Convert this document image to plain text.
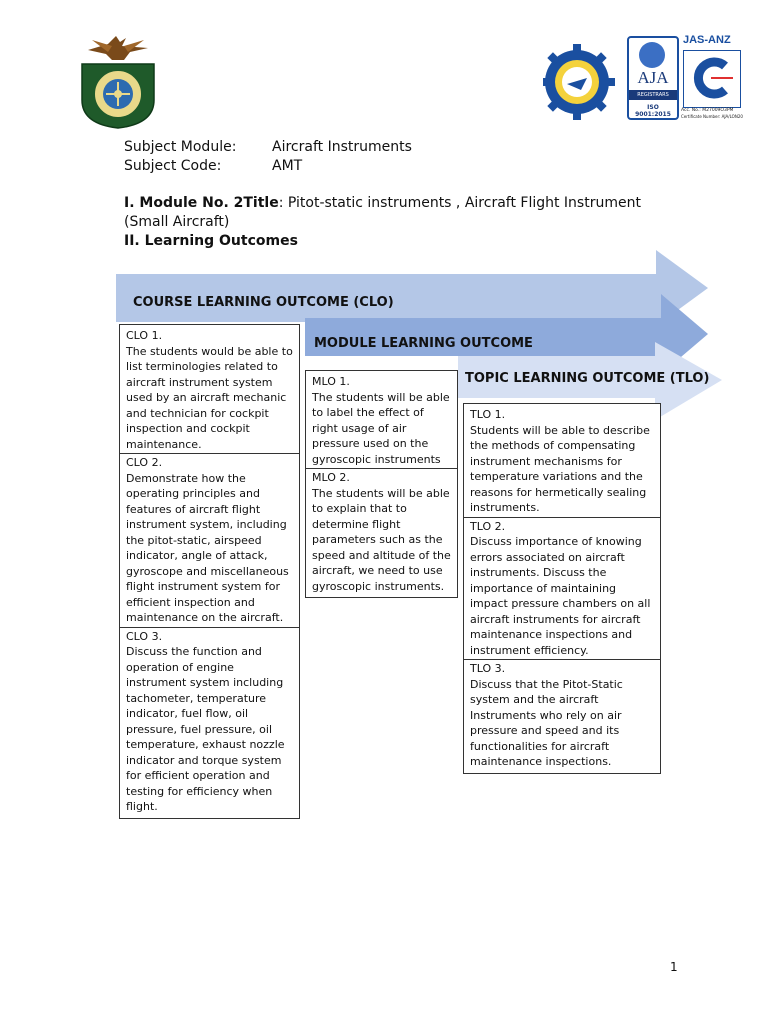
AJA
REGISTRARS
ISO 9001:2015
JAS-ANZ
Acc. No.: M27009O3PM
Certificate Number: AJA/LON20
Subject Module:	Aircraft Instruments
Subject Code:	AMT
I. Module No. 2Title: Pitot-static instruments , Aircraft Flight Instrument
(Small Aircraft)
II. Learning Outcomes
COURSE LEARNING OUTCOME (CLO)
MODULE LEARNING OUTCOME
TOPIC LEARNING OUTCOME (TLO)
CLO 1.
The students would be able to list terminologies related to aircraft instrument system used by an aircraft mechanic and technician for cockpit inspection and cockpit maintenance.
CLO 2.
Demonstrate how the operating principles and features of aircraft flight instrument system, including the pitot-static, airspeed indicator, angle of attack, gyroscope and miscellaneous flight instrument system for efficient inspection and maintenance on the aircraft.
CLO 3.
Discuss the function and operation of engine instrument system including tachometer, temperature indicator, fuel flow, oil pressure, fuel pressure, oil temperature, exhaust nozzle indicator and torque system for efficient operation and testing for efficiency when flight.
MLO 1.
The students will be able to label the effect of right usage of air pressure used on the gyroscopic instruments
MLO 2.
The students will be able to explain that to determine flight parameters such as the speed and altitude of the aircraft, we need to use gyroscopic instruments.
TLO 1.
Students will be able to describe the methods of compensating instrument mechanisms for temperature variations and the reasons for hermetically sealing instruments.
TLO 2.
Discuss importance of knowing errors associated on aircraft instruments. Discuss the importance of maintaining impact pressure chambers on all aircraft instruments for aircraft maintenance inspections and instrument efficiency.
TLO 3.
Discuss that the Pitot-Static system and the aircraft Instruments who rely on air pressure and speed and its functionalities for aircraft maintenance inspections.
1
